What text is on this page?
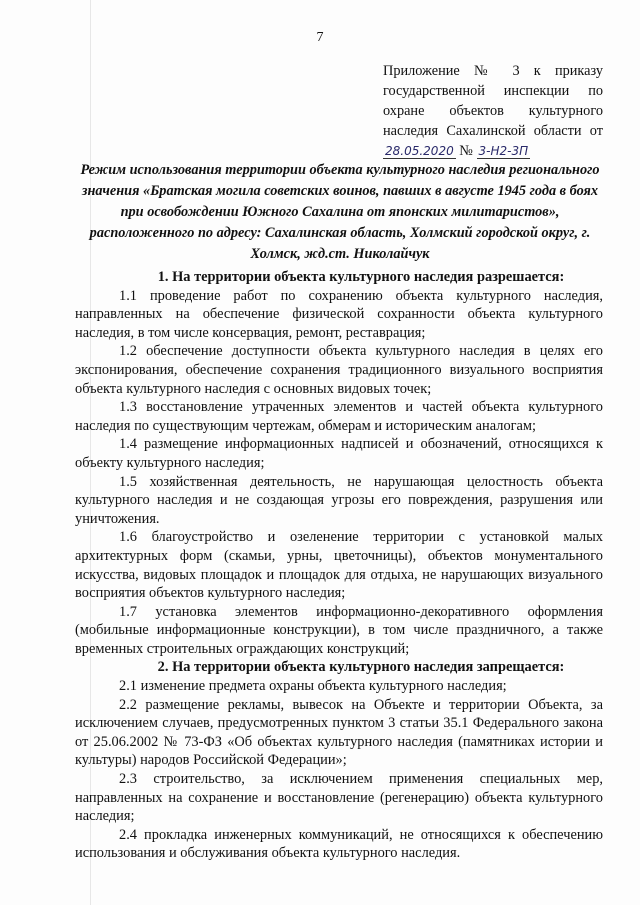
7
Приложение № 3 к приказу государственной инспекции по охране объектов культурного наследия Сахалинской области от 28.05.2020 № 3-Н2-3П
Режим использования территории объекта культурного наследия регионального значения «Братская могила советских воинов, павших в августе 1945 года в боях при освобождении Южного Сахалина от японских милитаристов», расположенного по адресу: Сахалинская область, Холмский городской округ, г. Холмск, жд.ст. Николайчук

1. На территории объекта культурного наследия разрешается:

1.1 проведение работ по сохранению объекта культурного наследия, направленных на обеспечение физической сохранности объекта культурного наследия, в том числе консервация, ремонт, реставрация;

1.2 обеспечение доступности объекта культурного наследия в целях его экспонирования, обеспечение сохранения традиционного визуального восприятия объекта культурного наследия с основных видовых точек;

1.3 восстановление утраченных элементов и частей объекта культурного наследия по существующим чертежам, обмерам и историческим аналогам;

1.4 размещение информационных надписей и обозначений, относящихся к объекту культурного наследия;

1.5 хозяйственная деятельность, не нарушающая целостность объекта культурного наследия и не создающая угрозы его повреждения, разрушения или уничтожения.

1.6 благоустройство и озеленение территории с установкой малых архитектурных форм (скамьи, урны, цветочницы), объектов монументального искусства, видовых площадок и площадок для отдыха, не нарушающих визуального восприятия объектов культурного наследия;

1.7 установка элементов информационно-декоративного оформления (мобильные информационные конструкции), в том числе праздничного, а также временных строительных ограждающих конструкций;

2. На территории объекта культурного наследия запрещается:

2.1 изменение предмета охраны объекта культурного наследия;

2.2 размещение рекламы, вывесок на Объекте и территории Объекта, за исключением случаев, предусмотренных пунктом 3 статьи 35.1 Федерального закона от 25.06.2002 № 73-ФЗ «Об объектах культурного наследия (памятниках истории и культуры) народов Российской Федерации»;

2.3 строительство, за исключением применения специальных мер, направленных на сохранение и восстановление (регенерацию) объекта культурного наследия;

2.4 прокладка инженерных коммуникаций, не относящихся к обеспечению использования и обслуживания объекта культурного наследия.
